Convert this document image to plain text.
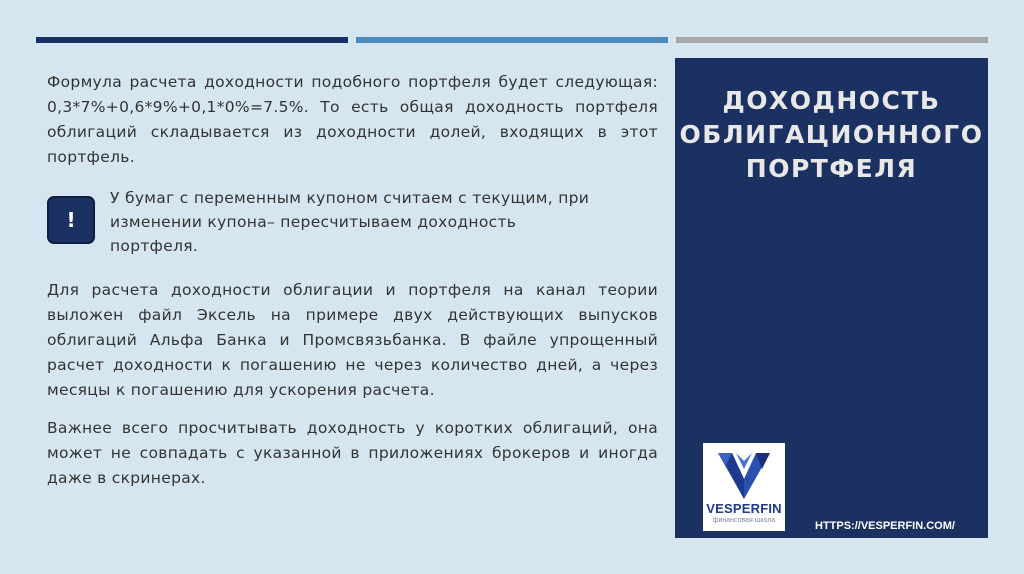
Формула расчета доходности подобного портфеля будет следующая: 0,3*7%+0,6*9%+0,1*0%=7.5%. То есть общая доходность портфеля облигаций складывается из доходности долей, входящих в этот портфель.

Для расчета доходности облигации и портфеля на канал теории выложен файл Эксель на примере двух действующих выпусков облигаций Альфа Банка и Промсвязьбанка. В файле упрощенный расчет доходности к погашению не через количество дней, а через месяцы к погашению для ускорения расчета.

Важнее всего просчитывать доходность у коротких облигаций, она может не совпадать с указанной в приложениях брокеров и иногда даже в скринерах.

!
У бумаг с переменным купоном считаем с текущим, при изменении купона– пересчитываем доходность портфеля.
ДОХОДНОСТЬ ОБЛИГАЦИОННОГО ПОРТФЕЛЯ
VESPERFIN
финансовая школа	HTTPS://VESPERFIN.COM/
